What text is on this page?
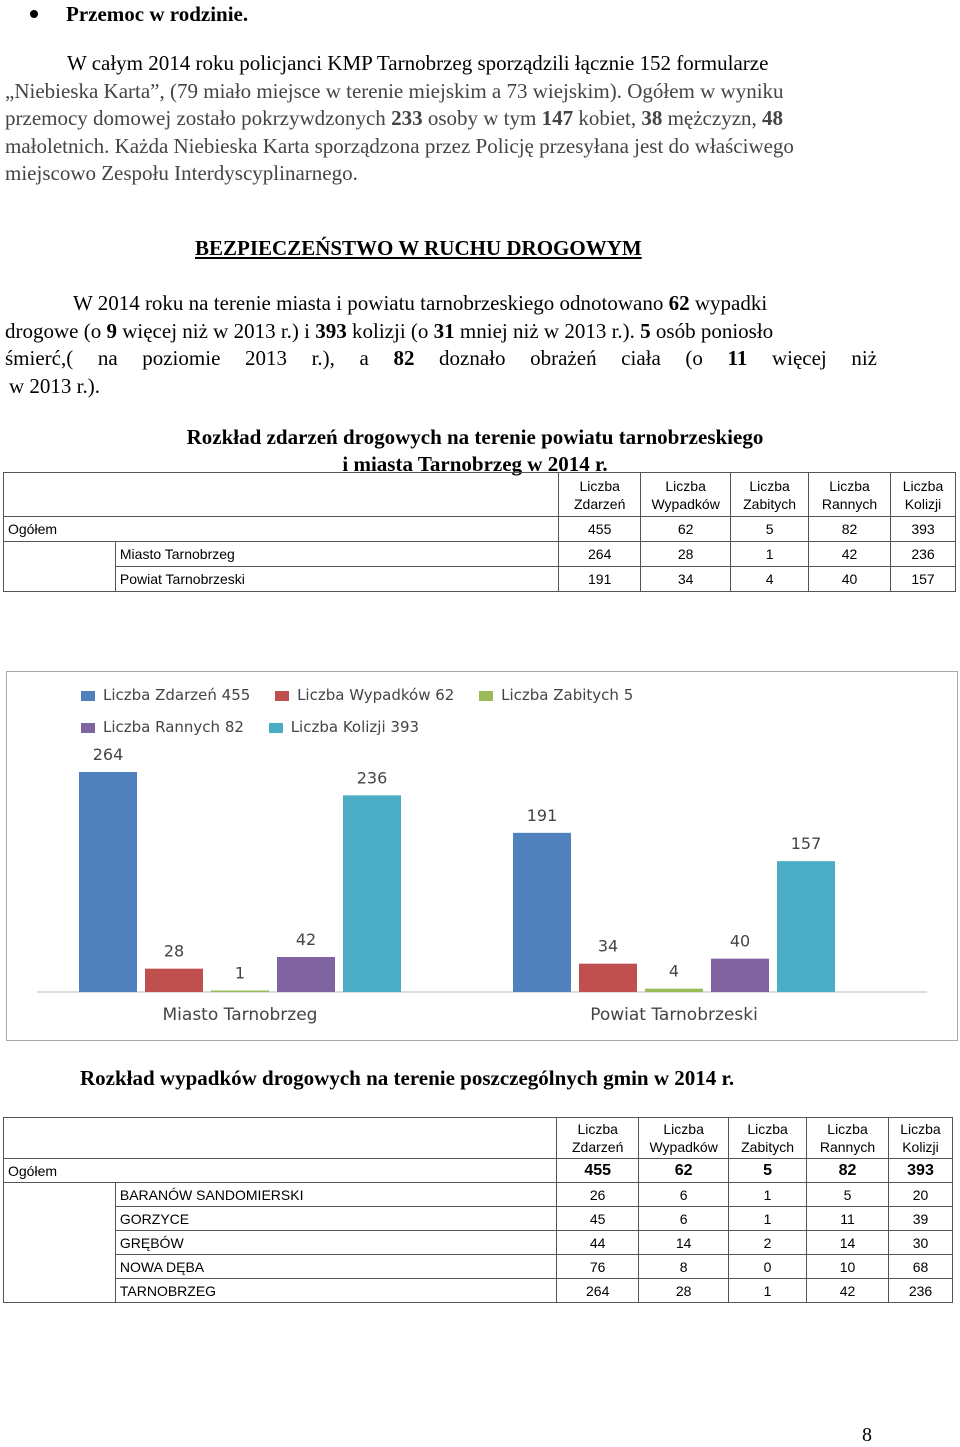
Przemoc w rodzinie.
W całym 2014 roku policjanci KMP Tarnobrzeg sporządzili łącznie 152 formularze
„Niebieska Karta”, (79 miało miejsce w terenie miejskim a 73 wiejskim). Ogółem w wyniku
przemocy domowej zostało pokrzywdzonych 233 osoby w tym 147 kobiet, 38 mężczyzn, 48
małoletnich. Każda Niebieska Karta sporządzona przez Policję przesyłana jest do właściwego
miejscowo Zespołu Interdyscyplinarnego.
BEZPIECZEŃSTWO W RUCHU DROGOWYM
W 2014 roku na terenie miasta i powiatu tarnobrzeskiego odnotowano 62 wypadki
drogowe (o 9 więcej niż w 2013 r.) i 393 kolizji (o 31 mniej niż w 2013 r.). 5 osób poniosło
śmierć,( na poziomie 2013 r.), a 82 doznało obrażeń ciała (o 11 więcej niż
w 2013 r.).
Rozkład zdarzeń drogowych na terenie powiatu tarnobrzeskiego
i miasta Tarnobrzeg w 2014 r.
		Liczba Zdarzeń	Liczba Wypadków	Liczba Zabitych	Liczba Rannych	Liczba Kolizji
Ogółem		455	62	5	82	393
	Miasto Tarnobrzeg	264	28	1	42	236
	Powiat Tarnobrzeski	191	34	4	40	157
Liczba Zdarzeń 455	Liczba Wypadków 62	Liczba Zabitych 5
Liczba Rannych 82	Liczba Kolizji 393
264
28
1
42
236
191
34
4
40
157
Miasto Tarnobrzeg	Powiat Tarnobrzeski
Rozkład wypadków drogowych na terenie poszczególnych gmin w 2014 r.
		Liczba Zdarzeń	Liczba Wypadków	Liczba Zabitych	Liczba Rannych	Liczba Kolizji
Ogółem		455	62	5	82	393
	BARANÓW SANDOMIERSKI	26	6	1	5	20
	GORZYCE	45	6	1	11	39
	GRĘBÓW	44	14	2	14	30
	NOWA DĘBA	76	8	0	10	68
	TARNOBRZEG	264	28	1	42	236
8
